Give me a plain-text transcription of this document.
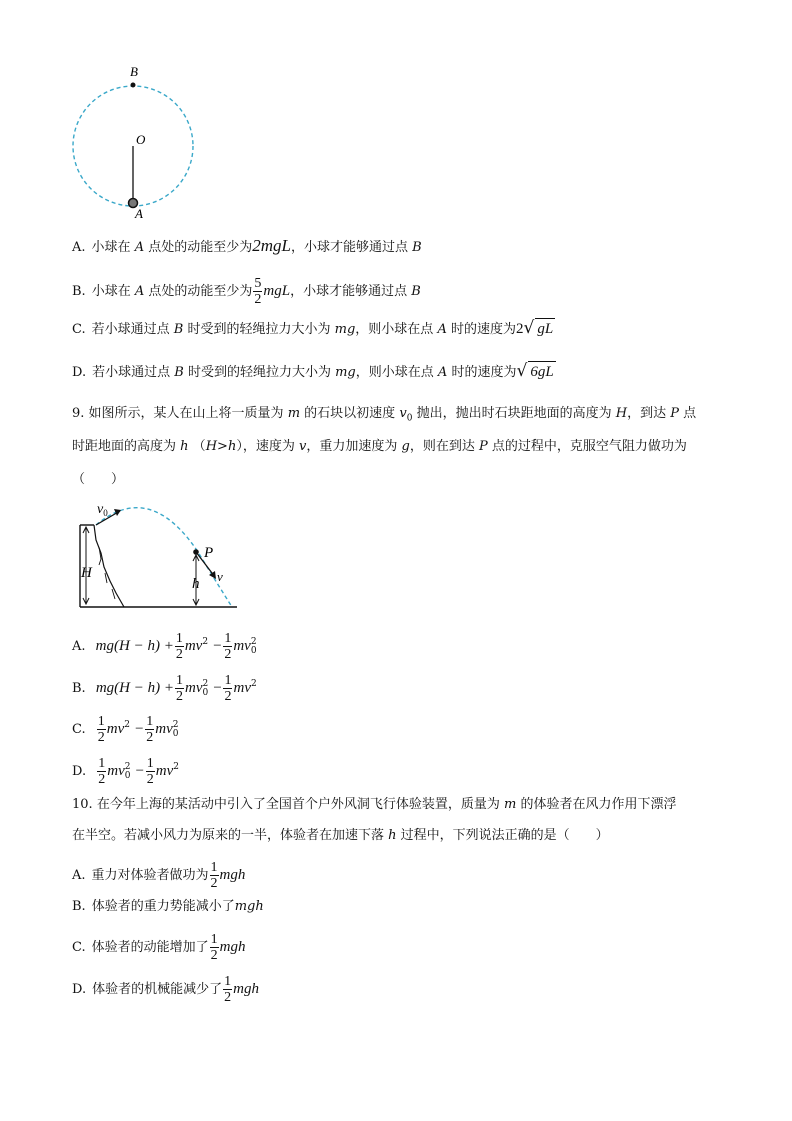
B
O
A
A. 小球在 A 点处的动能至少为2mgL，小球才能够通过点 B
B. 小球在 A 点处的动能至少为 $\frac{5}{2}$ mgL，小球才能够通过点 B
C. 若小球通过点 B 时受到的轻绳拉力大小为 mg，则小球在点 A 时的速度为2√ gL
D. 若小球通过点 B 时受到的轻绳拉力大小为 mg，则小球在点 A 时的速度为√ 6gL
9. 如图所示，某人在山上将一质量为 m 的石块以初速度 $v_0$ 抛出，抛出时石块距地面的高度为 H，到达 P 点
时距地面的高度为 h （H>h），速度为 v，重力加速度为 g，则在到达 P 点的过程中，克服空气阻力做功为
（　　）
$v_0$
P
v
H
h
A. $mg(H - h) + \frac{1}{2} mv^2 - \frac{1}{2}$ mv 2
0
B. $mg(H - h) + \frac{1}{2}$ mv 2
$0 - \frac{1}{2} mv^2$
C. $\frac{1}{2} mv^2 - \frac{1}{2}$ mv 2
0
D. $\frac{1}{2}$ mv 2
$0 - \frac{1}{2} mv^2$
10. 在今年上海的某活动中引入了全国首个户外风洞飞行体验装置，质量为 m 的体验者在风力作用下漂浮
在半空。若减小风力为原来的一半，体验者在加速下落 h 过程中，下列说法正确的是（　　）
A. 重力对体验者做功为 $\frac{1}{2}$ mgh
B. 体验者的重力势能减小了mgh
C. 体验者的动能增加了 $\frac{1}{2}$ mgh
D. 体验者的机械能减少了 $\frac{1}{2}$ mgh
